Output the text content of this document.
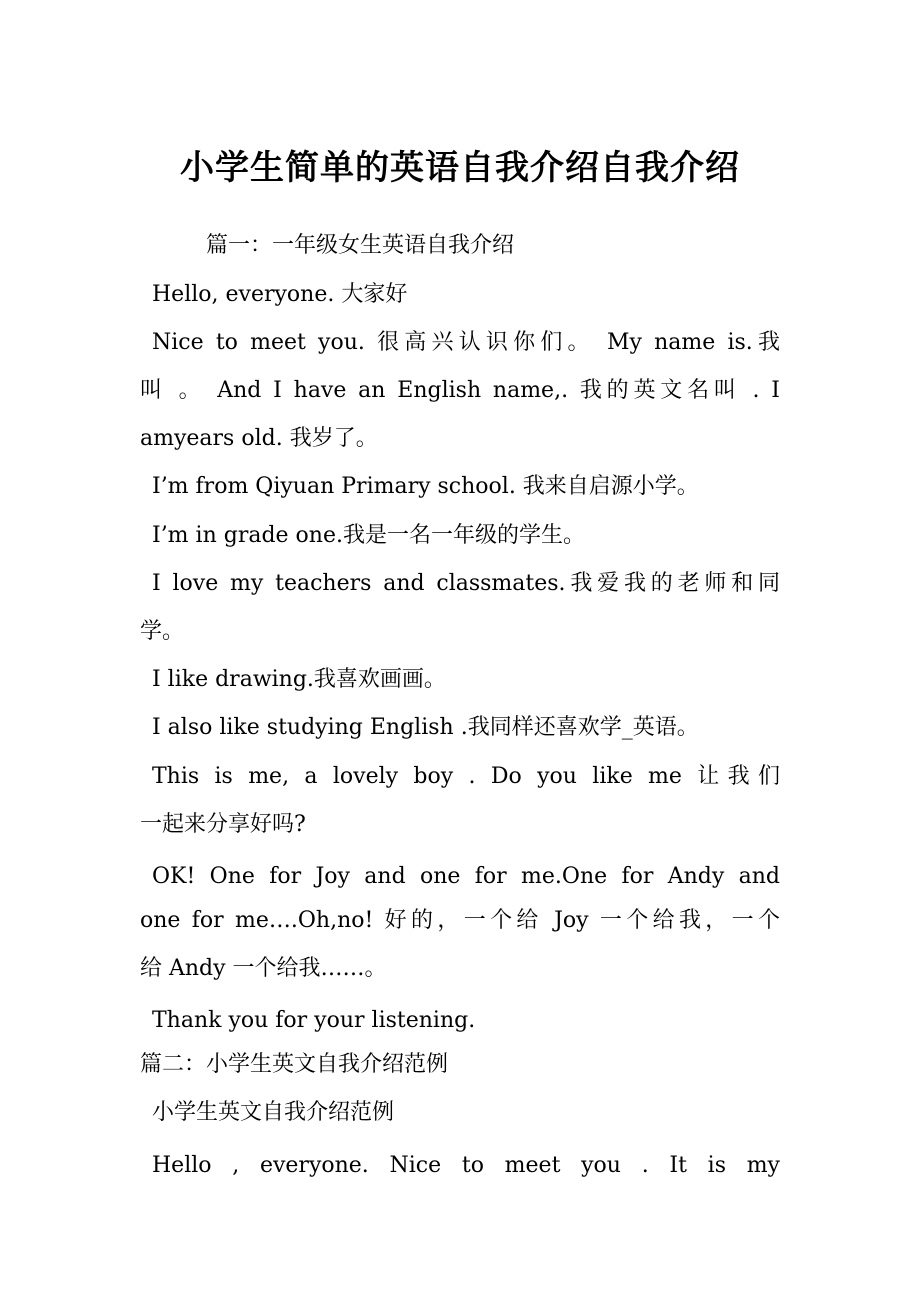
小学生简单的英语自我介绍自我介绍
篇一：一年级女生英语自我介绍
Hello, everyone. 大家好
Nice to meet you. 很高兴认识你们。 My name is.我
叫 。 And I have an English name,. 我的英文名叫 . I
amyears old. 我岁了。
I’m from Qiyuan Primary school. 我来自启源小学。
I’m in grade one.我是一名一年级的学生。
I love my teachers and classmates.我爱我的老师和同
学。
I like drawing.我喜欢画画。
I also like studying English .我同样还喜欢学_英语。
This is me, a lovely boy . Do you like me 让我们
一起来分享好吗?
OK! One for Joy and one for me.One for Andy and
one for me….Oh,no! 好的，一个给 Joy 一个给我，一个
给 Andy 一个给我……。
Thank you for your listening.
篇二：小学生英文自我介绍范例
小学生英文自我介绍范例
Hello , everyone. Nice to meet you . It is my
